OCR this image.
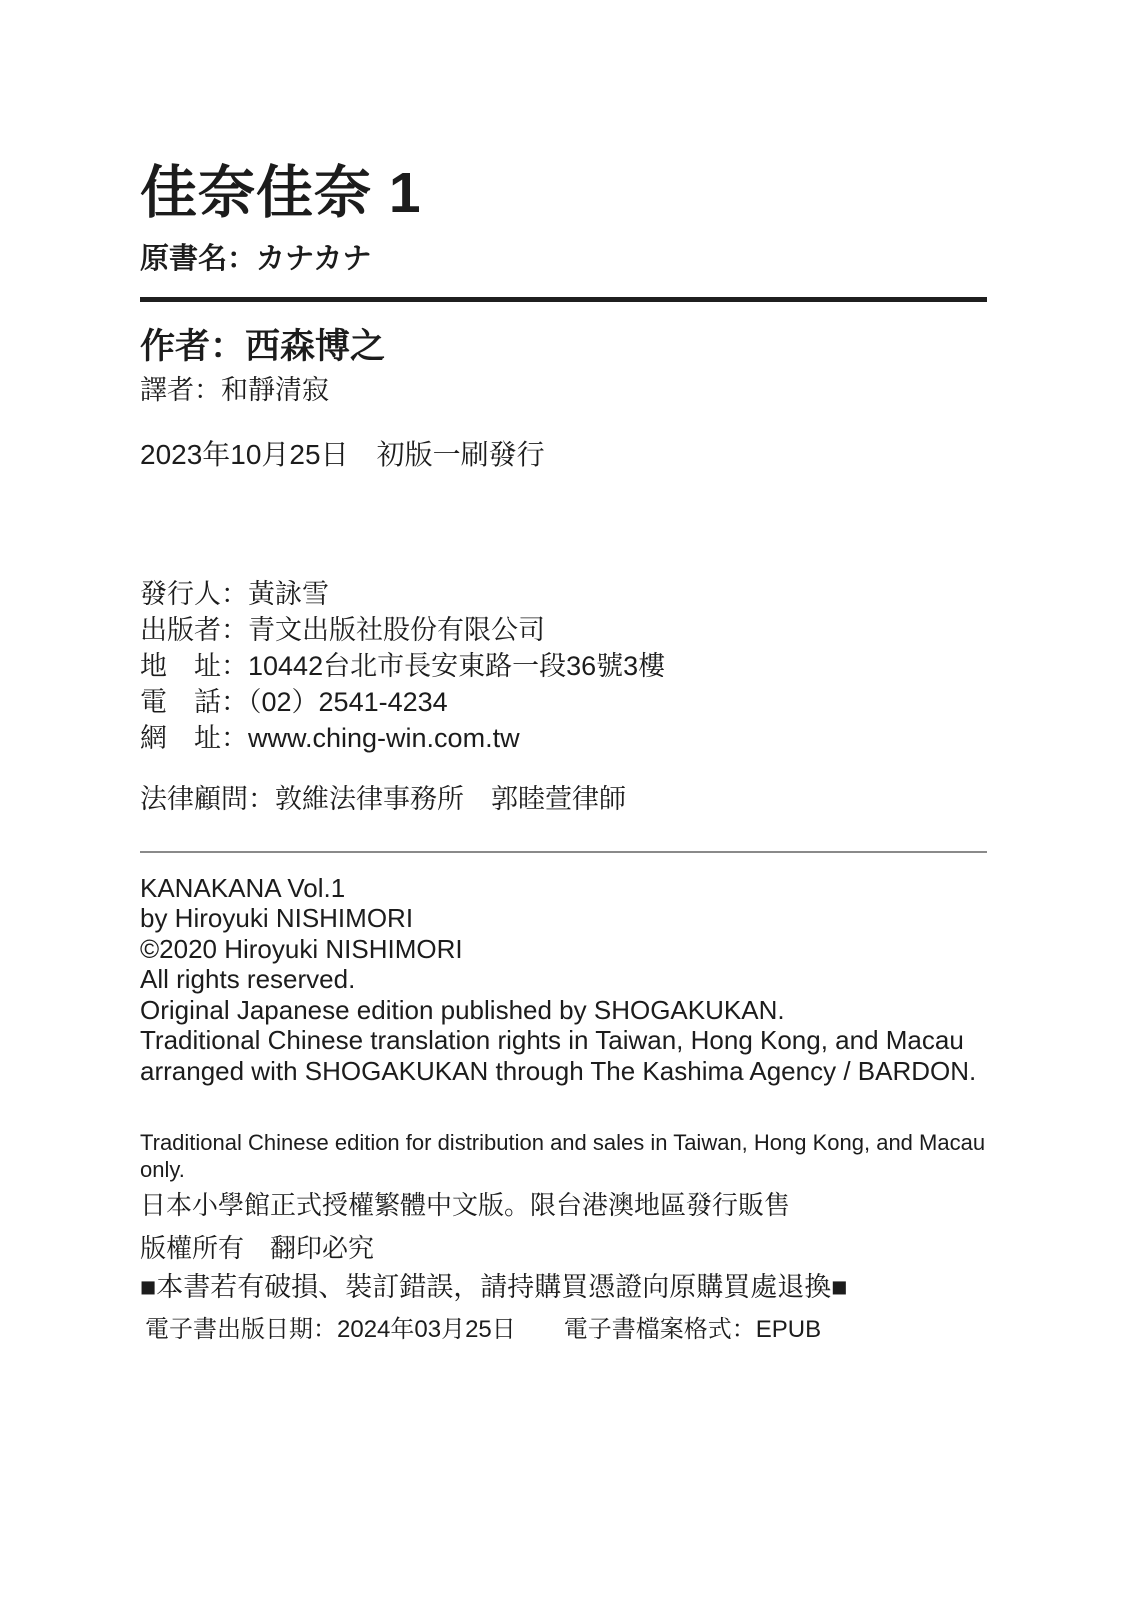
佳奈佳奈 1
原書名：カナカナ
作者：西森博之
譯者：和靜清寂
2023年10月25日　初版一刷發行
發行人：黃詠雪
出版者：青文出版社股份有限公司
地　址：10442台北市長安東路一段36號3樓
電　話：（02）2541-4234
網　址：www.ching-win.com.tw
法律顧問：敦維法律事務所　郭睦萱律師
KANAKANA Vol.1
by Hiroyuki NISHIMORI
©2020 Hiroyuki NISHIMORI
All rights reserved.
Original Japanese edition published by SHOGAKUKAN.
Traditional Chinese translation rights in Taiwan, Hong Kong, and Macau
arranged with SHOGAKUKAN through The Kashima Agency / BARDON.
Traditional Chinese edition for distribution and sales in Taiwan, Hong Kong, and Macau only.
日本小學館正式授權繁體中文版。限台港澳地區發行販售
版權所有　翻印必究
■本書若有破損、裝訂錯誤，請持購買憑證向原購買處退換■
電子書出版日期：2024年03月25日　　電子書檔案格式：EPUB
